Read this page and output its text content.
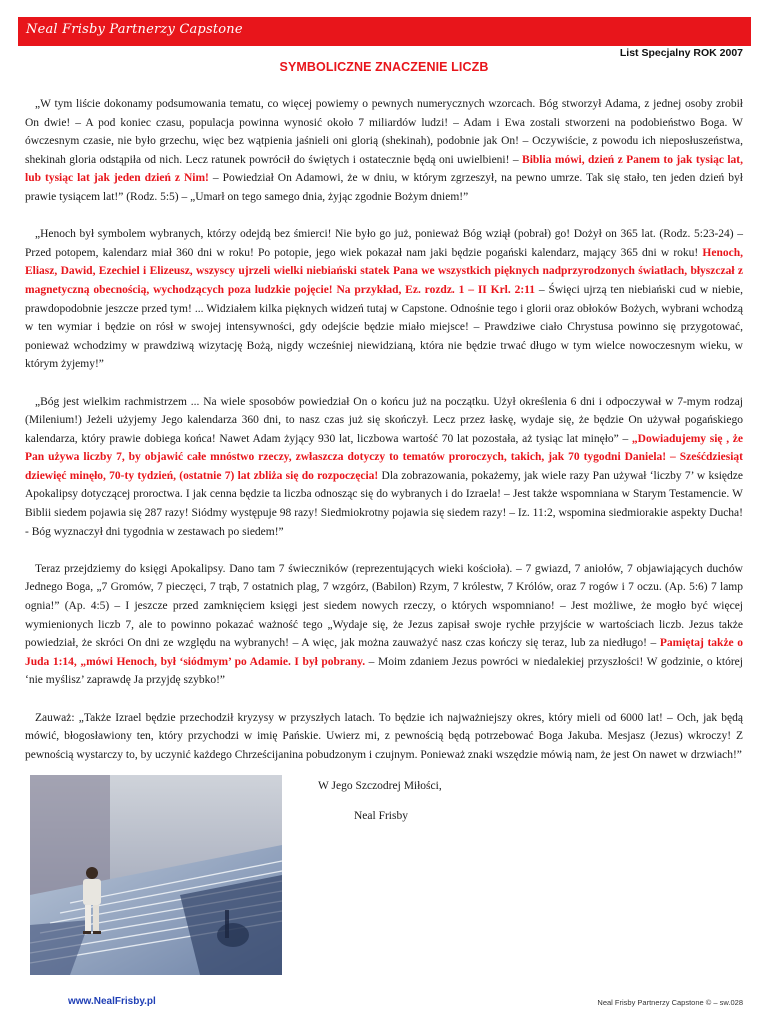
Neal Frisby Partnerzy Capstone
List Specjalny ROK 2007
SYMBOLICZNE ZNACZENIE LICZB

„W tym liście dokonamy podsumowania tematu, co więcej powiemy o pewnych numerycznych wzorcach. Bóg stworzył Adama, z jednej osoby zrobił On dwie! – A pod koniec czasu, populacja powinna wynosić około 7 miliardów ludzi! – Adam i Ewa zostali stworzeni na podobieństwo Boga. W ówczesnym czasie, nie było grzechu, więc bez wątpienia jaśnieli oni glorią (shekinah), podobnie jak On! – Oczywiście, z powodu ich nieposłuszeństwa, shekinah gloria odstąpiła od nich. Lecz ratunek powrócił do świętych i ostatecznie będą oni uwielbieni! – Biblia mówi, dzień z Panem to jak tysiąc lat, lub tysiąc lat jak jeden dzień z Nim! – Powiedział On Adamowi, że w dniu, w którym zgrzeszył, na pewno umrze. Tak się stało, ten jeden dzień był prawie tysiącem lat!” (Rodz. 5:5) – „Umarł on tego samego dnia, żyjąc zgodnie Bożym dniem!”

„Henoch był symbolem wybranych, którzy odejdą bez śmierci! Nie było go już, ponieważ Bóg wziął (pobrał) go! Dożył on 365 lat. (Rodz. 5:23-24) – Przed potopem, kalendarz miał 360 dni w roku! Po potopie, jego wiek pokazał nam jaki będzie pogański kalendarz, mający 365 dni w roku! Henoch, Eliasz, Dawid, Ezechiel i Elizeusz, wszyscy ujrzeli wielki niebiański statek Pana we wszystkich pięknych nadprzyrodzonych światłach, błyszczał z magnetyczną obecnością, wychodzących poza ludzkie pojęcie! Na przykład, Ez. rozdz. 1 – II Krl. 2:11 – Święci ujrzą ten niebiański cud w niebie, prawdopodobnie jeszcze przed tym! ... Widziałem kilka pięknych widzeń tutaj w Capstone. Odnośnie tego i glorii oraz obłoków Bożych, wybrani wchodzą w ten wymiar i będzie on rósł w swojej intensywności, gdy odejście będzie miało miejsce! – Prawdziwe ciało Chrystusa powinno się przygotować, ponieważ wchodzimy w prawdziwą wizytację Bożą, nigdy wcześniej niewidzianą, która nie będzie trwać długo w tym wielce nowoczesnym wieku, w którym żyjemy!”

„Bóg jest wielkim rachmistrzem ... Na wiele sposobów powiedział On o końcu już na początku. Użył określenia 6 dni i odpoczywał w 7-mym rodzaj (Milenium!) Jeżeli użyjemy Jego kalendarza 360 dni, to nasz czas już się skończył. Lecz przez łaskę, wydaje się, że będzie On używał pogańskiego kalendarza, który prawie dobiega końca! Nawet Adam żyjący 930 lat, liczbowa wartość 70 lat pozostała, aż tysiąc lat minęło” – „Dowiadujemy się , że Pan używa liczby 7, by objawić całe mnóstwo rzeczy, zwłaszcza dotyczy to tematów proroczych, takich, jak 70 tygodni Daniela! – Sześćdziesiąt dziewięć minęło, 70-ty tydzień, (ostatnie 7) lat zbliża się do rozpoczęcia! Dla zobrazowania, pokażemy, jak wiele razy Pan używał ‘liczby 7’ w księdze Apokalipsy dotyczącej proroctwa. I jak cenna będzie ta liczba odnosząc się do wybranych i do Izraela! – Jest także wspomniana w Starym Testamencie. W Biblii siedem pojawia się 287 razy! Siódmy występuje 98 razy! Siedmiokrotny pojawia się siedem razy! – Iz. 11:2, wspomina siedmiorakie aspekty Ducha! - Bóg wyznaczył dni tygodnia w zestawach po siedem!”

Teraz przejdziemy do księgi Apokalipsy. Dano tam 7 świeczników (reprezentujących wieki kościoła). – 7 gwiazd, 7 aniołów, 7 objawiających duchów Jednego Boga, „7 Gromów, 7 pieczęci, 7 trąb, 7 ostatnich plag, 7 wzgórz, (Babilon) Rzym, 7 królestw, 7 Królów, oraz 7 rogów i 7 oczu. (Ap. 5:6) 7 lamp ognia!” (Ap. 4:5) – I jeszcze przed zamknięciem księgi jest siedem nowych rzeczy, o których wspomniano! – Jest możliwe, że mogło być więcej wymienionych liczb 7, ale to powinno pokazać ważność tego „Wydaje się, że Jezus zapisał swoje rychłe przyjście w wartościach liczb. Jezus także powiedział, że skróci On dni ze względu na wybranych! – A więc, jak można zauważyć nasz czas kończy się teraz, lub za niedługo! – Pamiętaj także o Juda 1:14, „mówi Henoch, był ‘siódmym’ po Adamie. I był pobrany. – Moim zdaniem Jezus powróci w niedalekiej przyszłości! W godzinie, o której ‘nie myślisz’ zaprawdę Ja przyjdę szybko!”

Zauważ: „Także Izrael będzie przechodził kryzysy w przyszłych latach. To będzie ich najważniejszy okres, który mieli od 6000 lat! – Och, jak będą mówić, błogosławiony ten, który przychodzi w imię Pańskie. Uwierz mi, z pewnością będą potrzebować Boga Jakuba. Mesjasz (Jezus) wkroczy! Z pewnością wystarczy to, by uczynić każdego Chrześcijanina pobudzonym i czujnym. Ponieważ znaki wszędzie mówią nam, że jest On nawet w drzwiach!”

W Jego Szczodrej Miłości,
Neal Frisby
www.NealFrisby.pl	Neal Frisby Partnerzy Capstone © – sw.028
